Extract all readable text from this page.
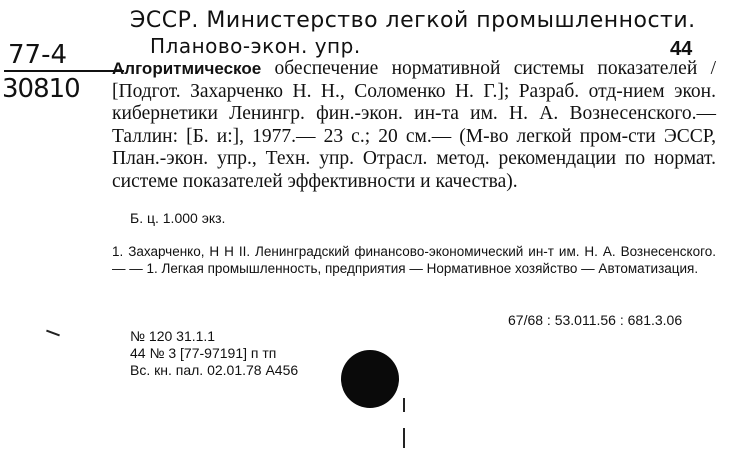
ЭССР. Министерство легкой промышленности.
Планово-экон. упр.
77-4
30810
44
Алгоритмическое обеспечение нормативной системы показателей / [Подгот. Захарченко Н. Н., Соломенко Н. Г.]; Разраб. отд-нием экон. кибернетики Ленингр. фин.-экон. ин-та им. Н. А. Вознесенского.— Таллин: [Б. и:], 1977.— 23 с.; 20 см.— (М-во легкой пром-сти ЭССР, План.-экон. упр., Техн. упр. Отрасл. метод. рекомендации по нормат. системе показателей эффективности и качества).
Б. ц. 1.000 экз.
1. Захарченко, Н Н II. Ленинградский финансово-экономический ин-т им. Н. А. Вознесенского.— — 1. Легкая промышленность, предприятия — Нормативное хозяйство — Автоматизация.
67/68 : 53.011.56 : 681.3.06
№ 120 31.1.1
44 № 3 [77-97191] п тп
Вс. кн. пал. 02.01.78 А456
